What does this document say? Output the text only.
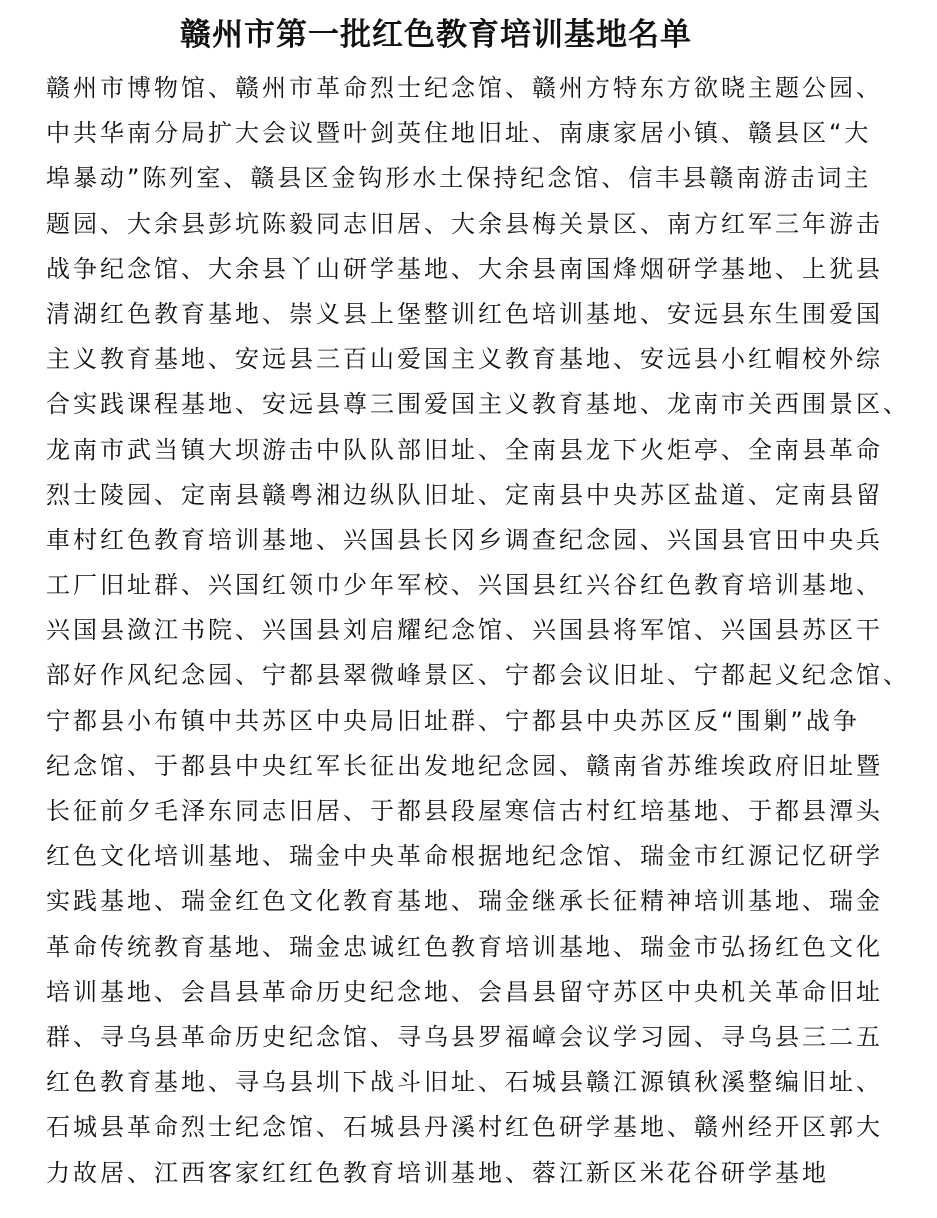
赣州市第一批红色教育培训基地名单
赣州市博物馆、赣州市革命烈士纪念馆、赣州方特东方欲晓主题公园、
中共华南分局扩大会议暨叶剑英住地旧址、南康家居小镇、赣县区“大
埠暴动”陈列室、赣县区金钩形水土保持纪念馆、信丰县赣南游击词主
题园、大余县彭坑陈毅同志旧居、大余县梅关景区、南方红军三年游击
战争纪念馆、大余县丫山研学基地、大余县南国烽烟研学基地、上犹县
清湖红色教育基地、崇义县上堡整训红色培训基地、安远县东生围爱国
主义教育基地、安远县三百山爱国主义教育基地、安远县小红帽校外综
合实践课程基地、安远县尊三围爱国主义教育基地、龙南市关西围景区、
龙南市武当镇大坝游击中队队部旧址、全南县龙下火炬亭、全南县革命
烈士陵园、定南县赣粤湘边纵队旧址、定南县中央苏区盐道、定南县留
車村红色教育培训基地、兴国县长冈乡调查纪念园、兴国县官田中央兵
工厂旧址群、兴国红领巾少年军校、兴国县红兴谷红色教育培训基地、
兴国县潋江书院、兴国县刘启耀纪念馆、兴国县将军馆、兴国县苏区干
部好作风纪念园、宁都县翠微峰景区、宁都会议旧址、宁都起义纪念馆、
宁都县小布镇中共苏区中央局旧址群、宁都县中央苏区反“围剿”战争
纪念馆、于都县中央红军长征出发地纪念园、赣南省苏维埃政府旧址暨
长征前夕毛泽东同志旧居、于都县段屋寒信古村红培基地、于都县潭头
红色文化培训基地、瑞金中央革命根据地纪念馆、瑞金市红源记忆研学
实践基地、瑞金红色文化教育基地、瑞金继承长征精神培训基地、瑞金
革命传统教育基地、瑞金忠诚红色教育培训基地、瑞金市弘扬红色文化
培训基地、会昌县革命历史纪念地、会昌县留守苏区中央机关革命旧址
群、寻乌县革命历史纪念馆、寻乌县罗福嶂会议学习园、寻乌县三二五
红色教育基地、寻乌县圳下战斗旧址、石城县赣江源镇秋溪整编旧址、
石城县革命烈士纪念馆、石城县丹溪村红色研学基地、赣州经开区郭大
力故居、江西客家红红色教育培训基地、蓉江新区米花谷研学基地
